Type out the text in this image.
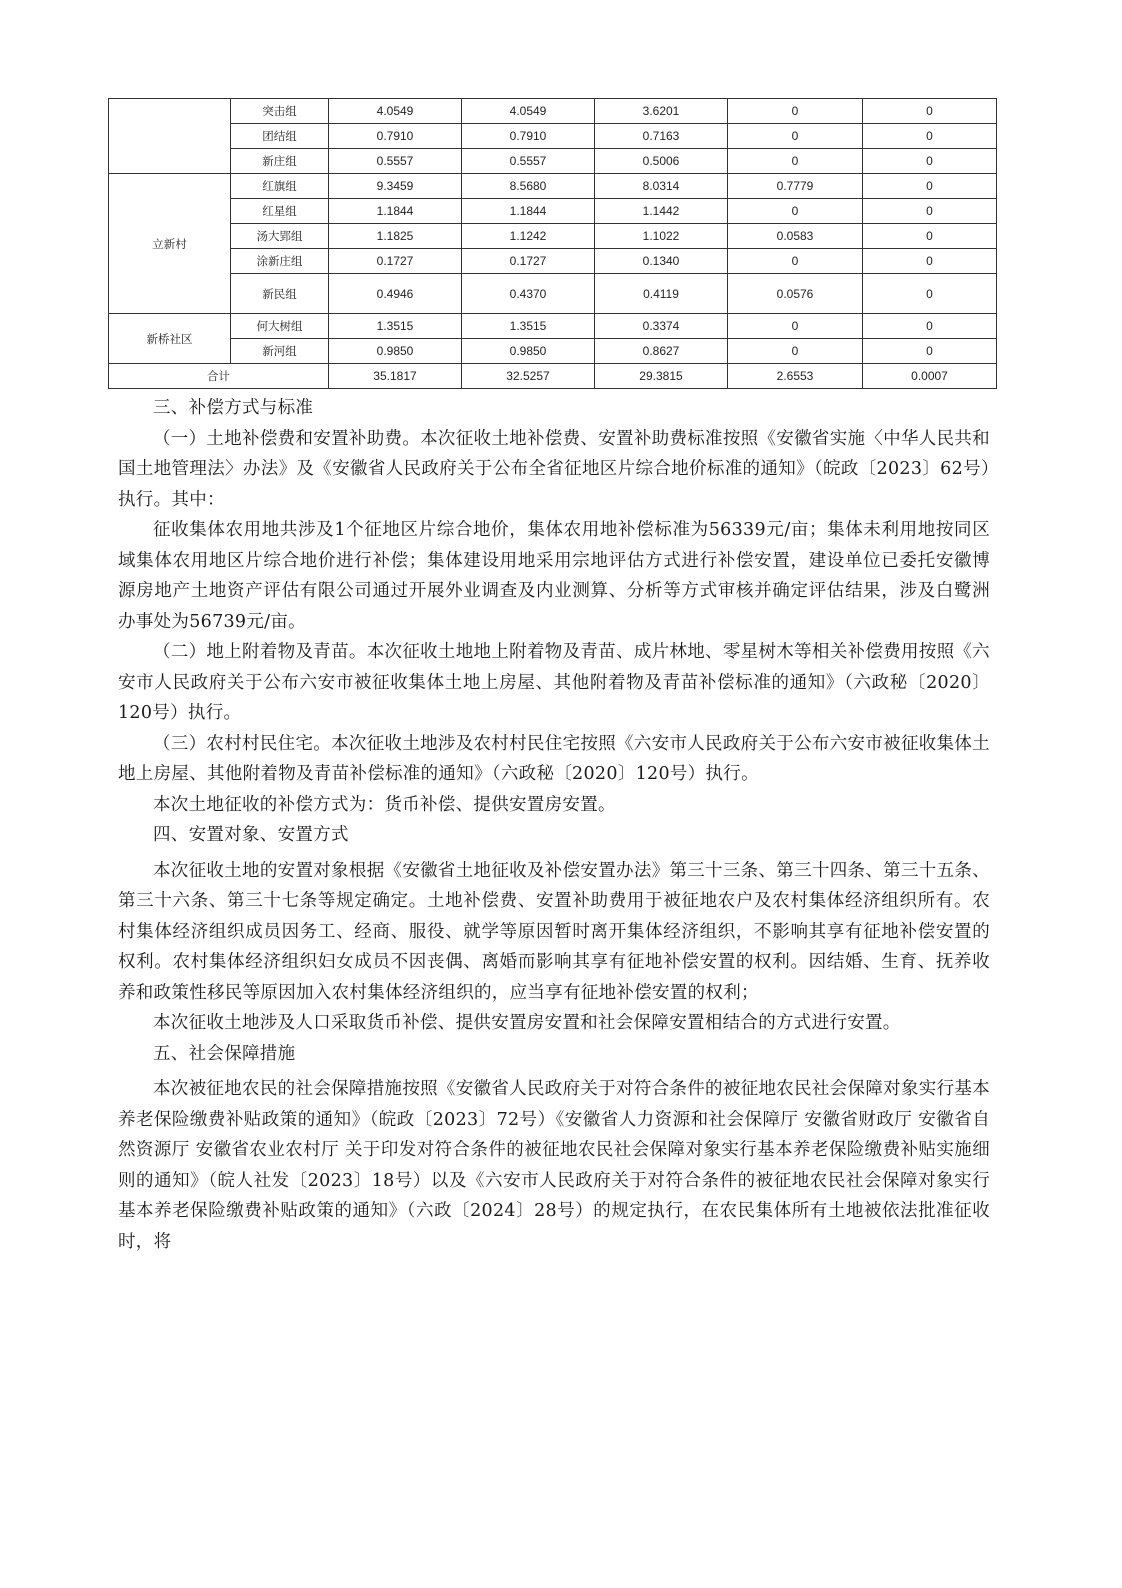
	突击组	4.0549	4.0549	3.6201	0	0
	团结组	0.7910	0.7910	0.7163	0	0
	新庄组	0.5557	0.5557	0.5006	0	0
立新村	红旗组	9.3459	8.5680	8.0314	0.7779	0
	红星组	1.1844	1.1844	1.1442	0	0
	汤大郢组	1.1825	1.1242	1.1022	0.0583	0
	涂新庄组	0.1727	0.1727	0.1340	0	0
	新民组	0.4946	0.4370	0.4119	0.0576	0
新桥社区	何大树组	1.3515	1.3515	0.3374	0	0
	新河组	0.9850	0.9850	0.8627	0	0
合计		35.1817	32.5257	29.3815	2.6553	0.0007

三、补偿方式与标准

（一）土地补偿费和安置补助费。本次征收土地补偿费、安置补助费标准按照《安徽省实施〈中华人民共和国土地管理法〉办法》及《安徽省人民政府关于公布全省征地区片综合地价标准的通知》（皖政〔2023〕62号）执行。其中：

征收集体农用地共涉及1个征地区片综合地价，集体农用地补偿标准为56339元/亩；集体未利用地按同区域集体农用地区片综合地价进行补偿；集体建设用地采用宗地评估方式进行补偿安置，建设单位已委托安徽博源房地产土地资产评估有限公司通过开展外业调查及内业测算、分析等方式审核并确定评估结果，涉及白鹭洲办事处为56739元/亩。

（二）地上附着物及青苗。本次征收土地地上附着物及青苗、成片林地、零星树木等相关补偿费用按照《六安市人民政府关于公布六安市被征收集体土地上房屋、其他附着物及青苗补偿标准的通知》（六政秘〔2020〕120号）执行。

（三）农村村民住宅。本次征收土地涉及农村村民住宅按照《六安市人民政府关于公布六安市被征收集体土地上房屋、其他附着物及青苗补偿标准的通知》（六政秘〔2020〕120号）执行。

本次土地征收的补偿方式为：货币补偿、提供安置房安置。

四、安置对象、安置方式

本次征收土地的安置对象根据《安徽省土地征收及补偿安置办法》第三十三条、第三十四条、第三十五条、第三十六条、第三十七条等规定确定。土地补偿费、安置补助费用于被征地农户及农村集体经济组织所有。农村集体经济组织成员因务工、经商、服役、就学等原因暂时离开集体经济组织，不影响其享有征地补偿安置的权利。农村集体经济组织妇女成员不因丧偶、离婚而影响其享有征地补偿安置的权利。因结婚、生育、抚养收养和政策性移民等原因加入农村集体经济组织的，应当享有征地补偿安置的权利；

本次征收土地涉及人口采取货币补偿、提供安置房安置和社会保障安置相结合的方式进行安置。

五、社会保障措施

本次被征地农民的社会保障措施按照《安徽省人民政府关于对符合条件的被征地农民社会保障对象实行基本养老保险缴费补贴政策的通知》（皖政〔2023〕72号）《安徽省人力资源和社会保障厅 安徽省财政厅 安徽省自然资源厅 安徽省农业农村厅 关于印发对符合条件的被征地农民社会保障对象实行基本养老保险缴费补贴实施细则的通知》（皖人社发〔2023〕18号）以及《六安市人民政府关于对符合条件的被征地农民社会保障对象实行基本养老保险缴费补贴政策的通知》（六政〔2024〕28号）的规定执行，在农民集体所有土地被依法批准征收时，将
